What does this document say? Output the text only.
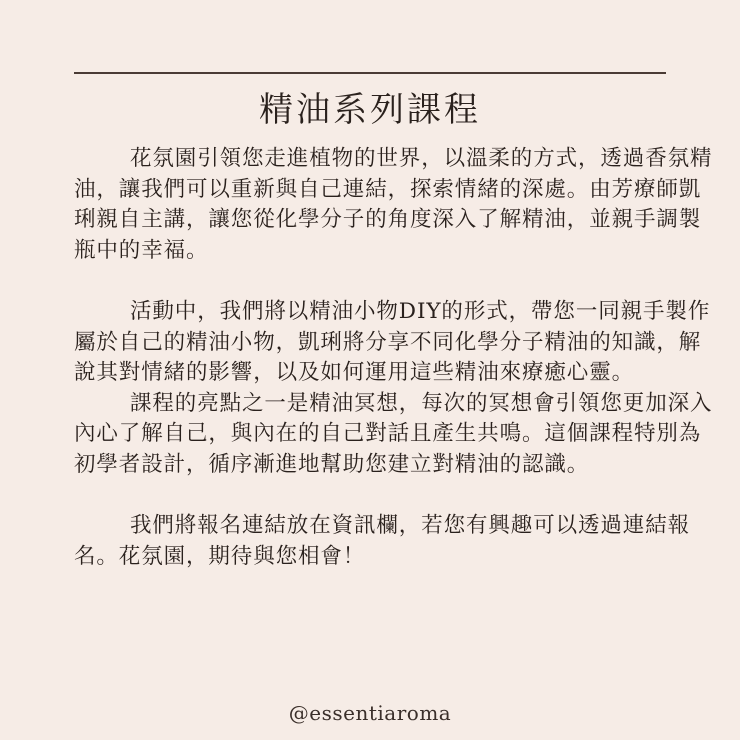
精油系列課程

花氛園引領您走進植物的世界，以溫柔的方式，透過香氛精油，讓我們可以重新與自己連結，探索情緒的深處。由芳療師凱琍親自主講，讓您從化學分子的角度深入了解精油，並親手調製瓶中的幸福。

活動中，我們將以精油小物DIY的形式，帶您一同親手製作屬於自己的精油小物，凱琍將分享不同化學分子精油的知識，解說其對情緒的影響，以及如何運用這些精油來療癒心靈。

課程的亮點之一是精油冥想，每次的冥想會引領您更加深入內心了解自己，與內在的自己對話且產生共鳴。這個課程特別為初學者設計，循序漸進地幫助您建立對精油的認識。

我們將報名連結放在資訊欄，若您有興趣可以透過連結報名。花氛園，期待與您相會！

@essentiaroma
